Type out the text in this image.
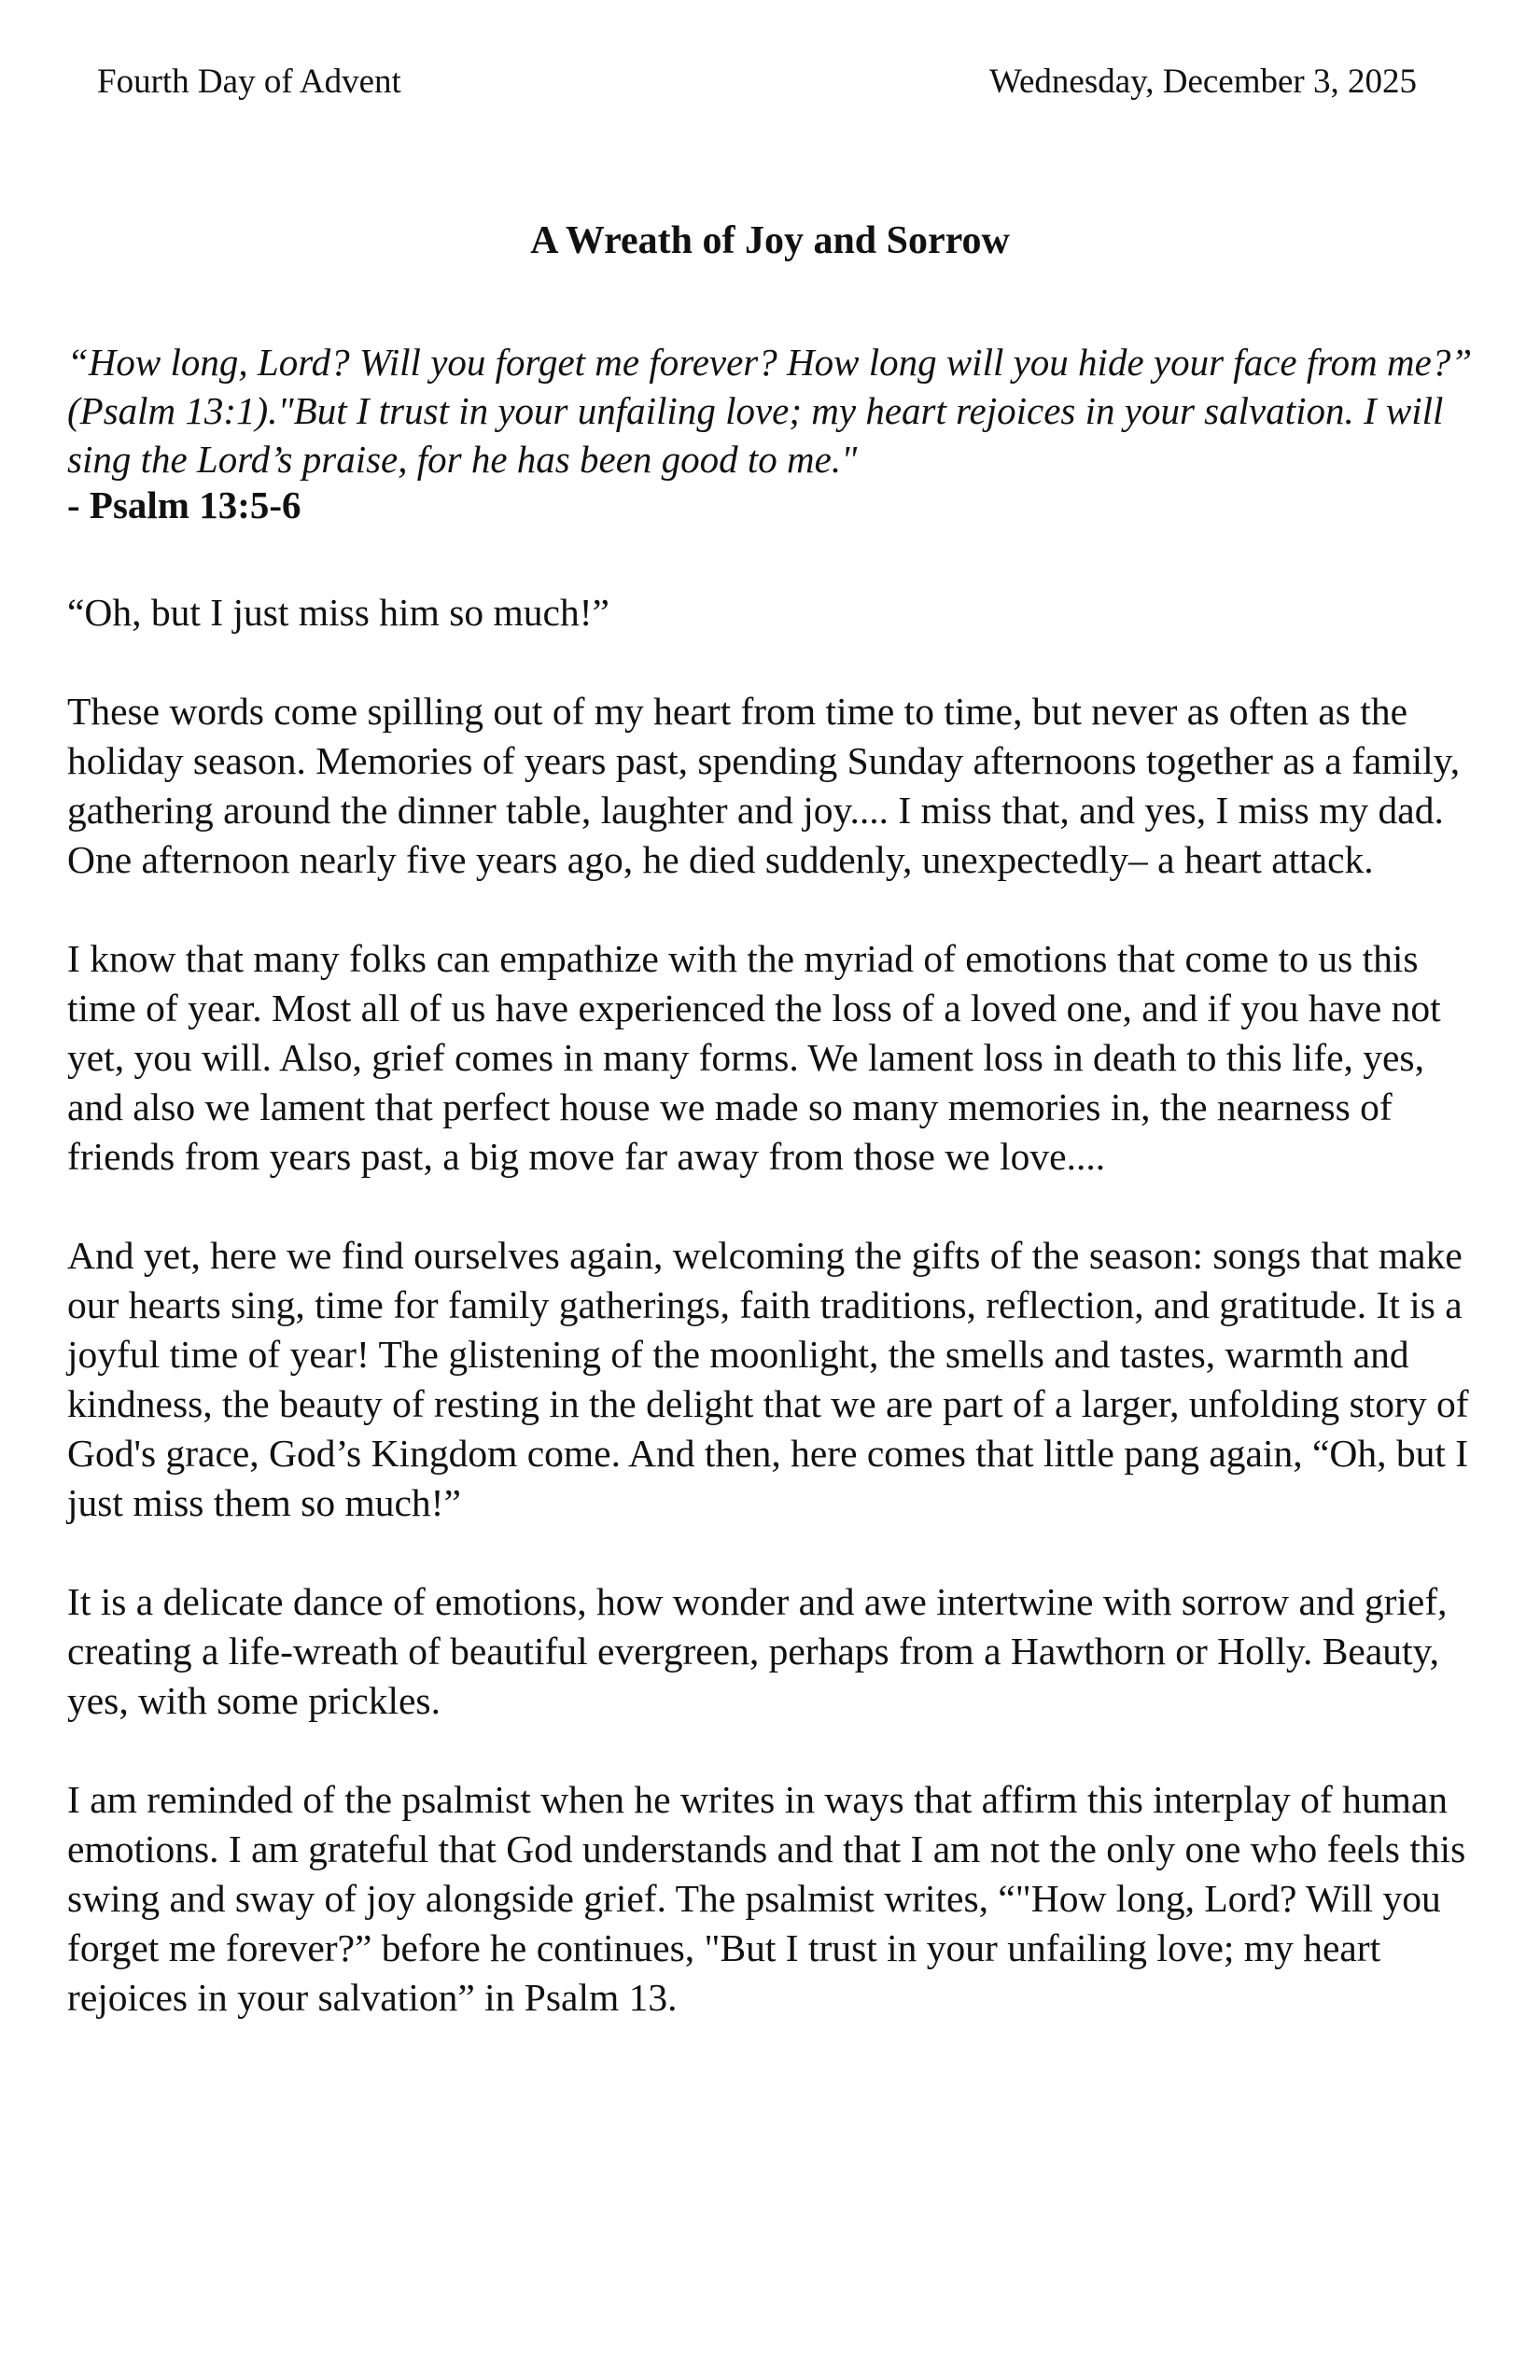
Fourth Day of Advent	Wednesday, December 3, 2025
A Wreath of Joy and Sorrow

“How long, Lord? Will you forget me forever? How long will you hide your face from me?” (Psalm 13:1)."But I trust in your unfailing love; my heart rejoices in your salvation. I will sing the Lord’s praise, for he has been good to me."

- Psalm 13:5-6

“Oh, but I just miss him so much!”

These words come spilling out of my heart from time to time, but never as often as the holiday season. Memories of years past, spending Sunday afternoons together as a family, gathering around the dinner table, laughter and joy.... I miss that, and yes, I miss my dad. One afternoon nearly five years ago, he died suddenly, unexpectedly– a heart attack.

I know that many folks can empathize with the myriad of emotions that come to us this time of year. Most all of us have experienced the loss of a loved one, and if you have not yet, you will. Also, grief comes in many forms. We lament loss in death to this life, yes, and also we lament that perfect house we made so many memories in, the nearness of friends from years past, a big move far away from those we love....

And yet, here we find ourselves again, welcoming the gifts of the season: songs that make our hearts sing, time for family gatherings, faith traditions, reflection, and gratitude. It is a joyful time of year! The glistening of the moonlight, the smells and tastes, warmth and kindness, the beauty of resting in the delight that we are part of a larger, unfolding story of God's grace, God’s Kingdom come. And then, here comes that little pang again, “Oh, but I just miss them so much!”

It is a delicate dance of emotions, how wonder and awe intertwine with sorrow and grief, creating a life-wreath of beautiful evergreen, perhaps from a Hawthorn or Holly. Beauty, yes, with some prickles.

I am reminded of the psalmist when he writes in ways that affirm this interplay of human emotions. I am grateful that God understands and that I am not the only one who feels this swing and sway of joy alongside grief. The psalmist writes, “"How long, Lord? Will you forget me forever?” before he continues, "But I trust in your unfailing love; my heart rejoices in your salvation” in Psalm 13.
